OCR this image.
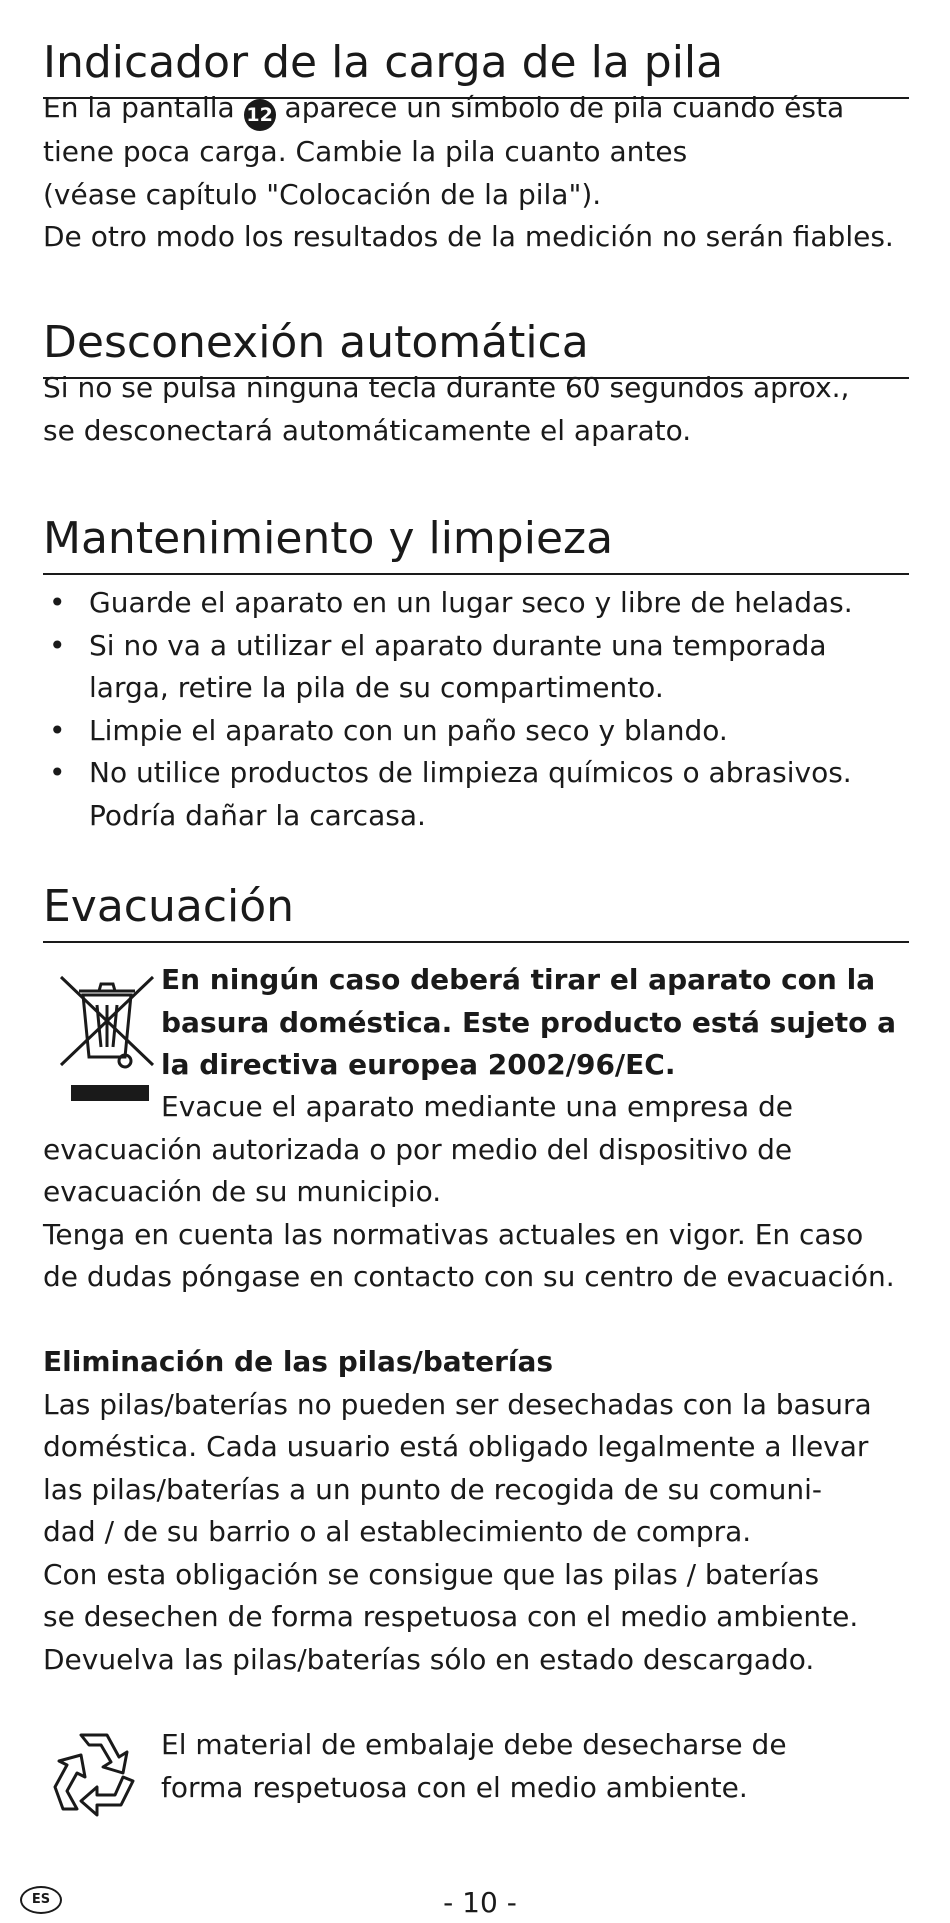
Indicador de la carga de la pila
En la pantalla 12 aparece un símbolo de pila cuando ésta
tiene poca carga. Cambie la pila cuanto antes
(véase capítulo "Colocación de la pila").
De otro modo los resultados de la medición no serán fiables.
Desconexión automática
Si no se pulsa ninguna tecla durante 60 segundos aprox.,
se desconectará automáticamente el aparato.
Mantenimiento y limpieza
• Guarde el aparato en un lugar seco y libre de heladas.
• Si no va a utilizar el aparato durante una temporada
larga, retire la pila de su compartimento.
• Limpie el aparato con un paño seco y blando.
• No utilice productos de limpieza químicos o abrasivos.
Podría dañar la carcasa.
Evacuación
En ningún caso deberá tirar el aparato con la
basura doméstica. Este producto está sujeto a
la directiva europea 2002/96/EC.
Evacue el aparato mediante una empresa de
evacuación autorizada o por medio del dispositivo de
evacuación de su municipio.
Tenga en cuenta las normativas actuales en vigor. En caso
de dudas póngase en contacto con su centro de evacuación.
Eliminación de las pilas/baterías
Las pilas/baterías no pueden ser desechadas con la basura
doméstica. Cada usuario está obligado legalmente a llevar
las pilas/baterías a un punto de recogida de su comuni-
dad / de su barrio o al establecimiento de compra.
Con esta obligación se consigue que las pilas / baterías
se desechen de forma respetuosa con el medio ambiente.
Devuelva las pilas/baterías sólo en estado descargado.
El material de embalaje debe desecharse de
forma respetuosa con el medio ambiente.
ES	- 10 -
